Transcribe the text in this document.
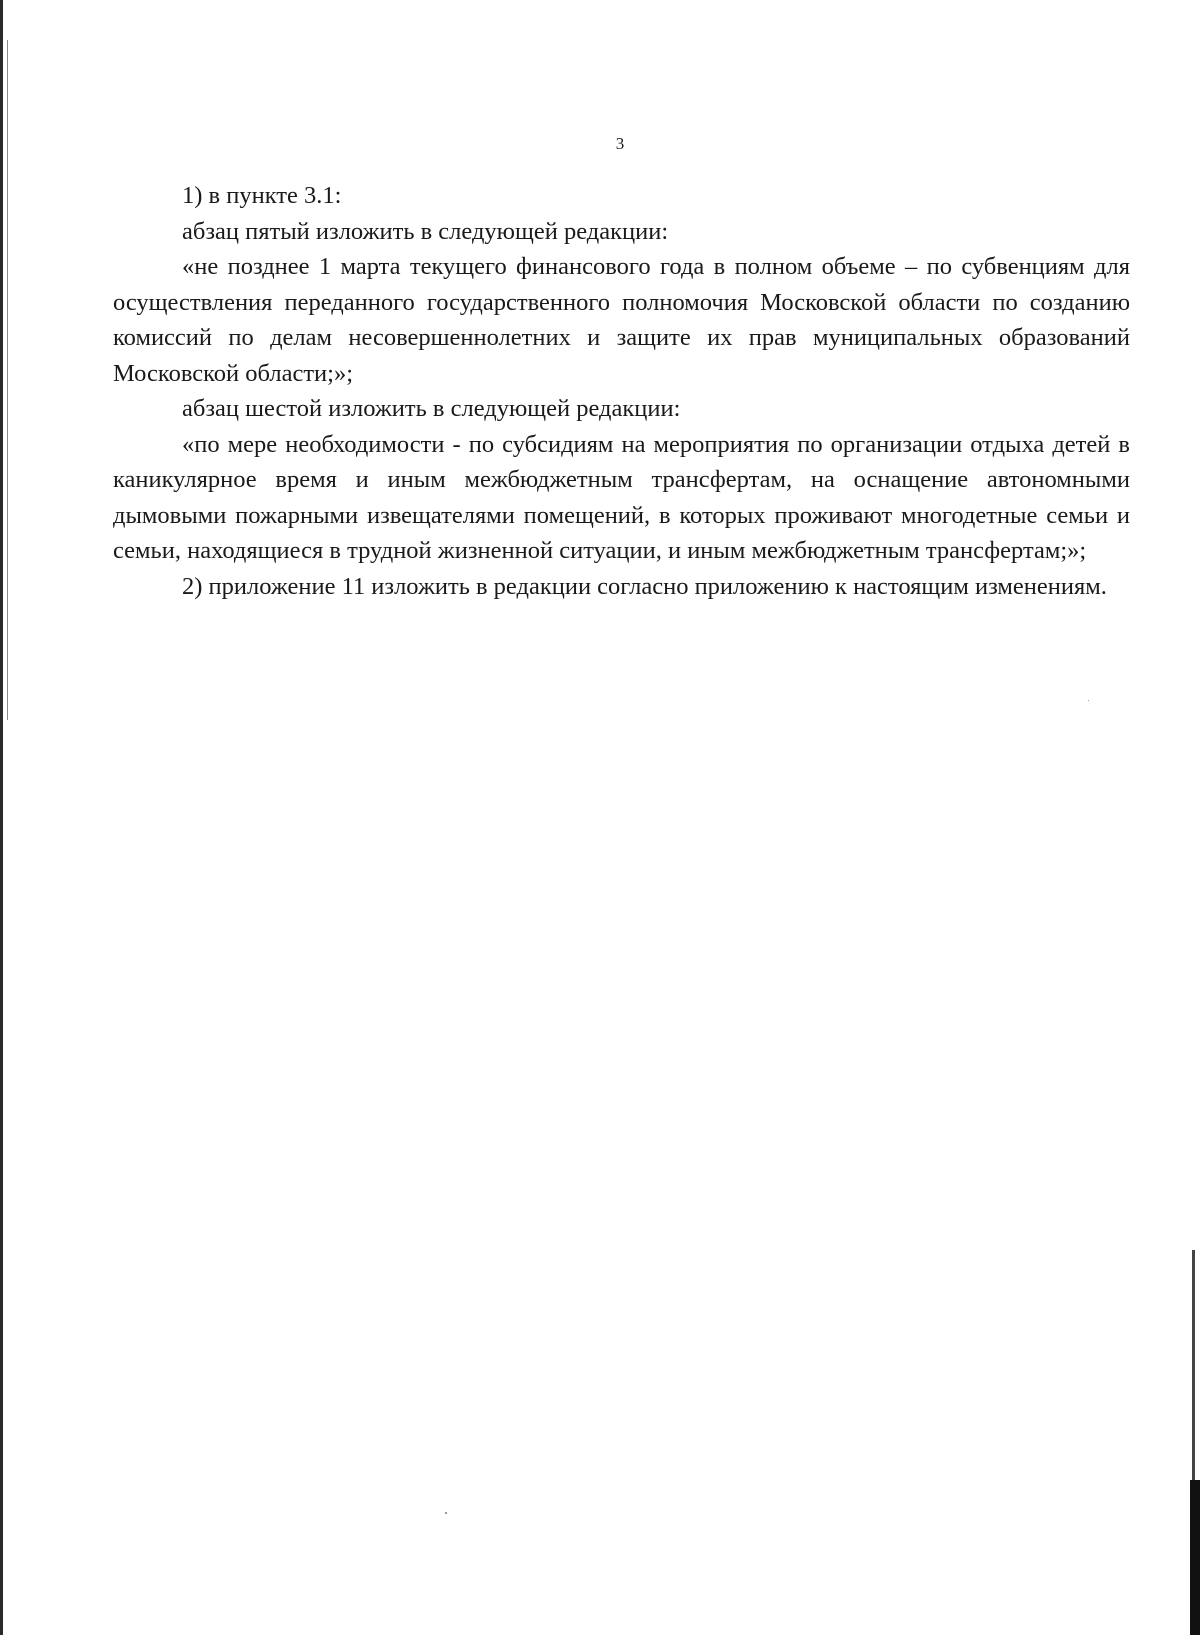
3

1) в пункте 3.1:

абзац пятый изложить в следующей редакции:

«не позднее 1 марта текущего финансового года в полном объеме – по субвенциям для осуществления переданного государственного полномочия Московской области по созданию комиссий по делам несовершеннолетних и защите их прав муниципальных образований Московской области;»;

абзац шестой изложить в следующей редакции:

«по мере необходимости - по субсидиям на мероприятия по организации отдыха детей в каникулярное время и иным межбюджетным трансфертам, на оснащение автономными дымовыми пожарными извещателями помещений, в которых проживают многодетные семьи и семьи, находящиеся в трудной жизненной ситуации, и иным межбюджетным трансфертам;»;

2) приложение 11 изложить в редакции согласно приложению к настоящим изменениям.
